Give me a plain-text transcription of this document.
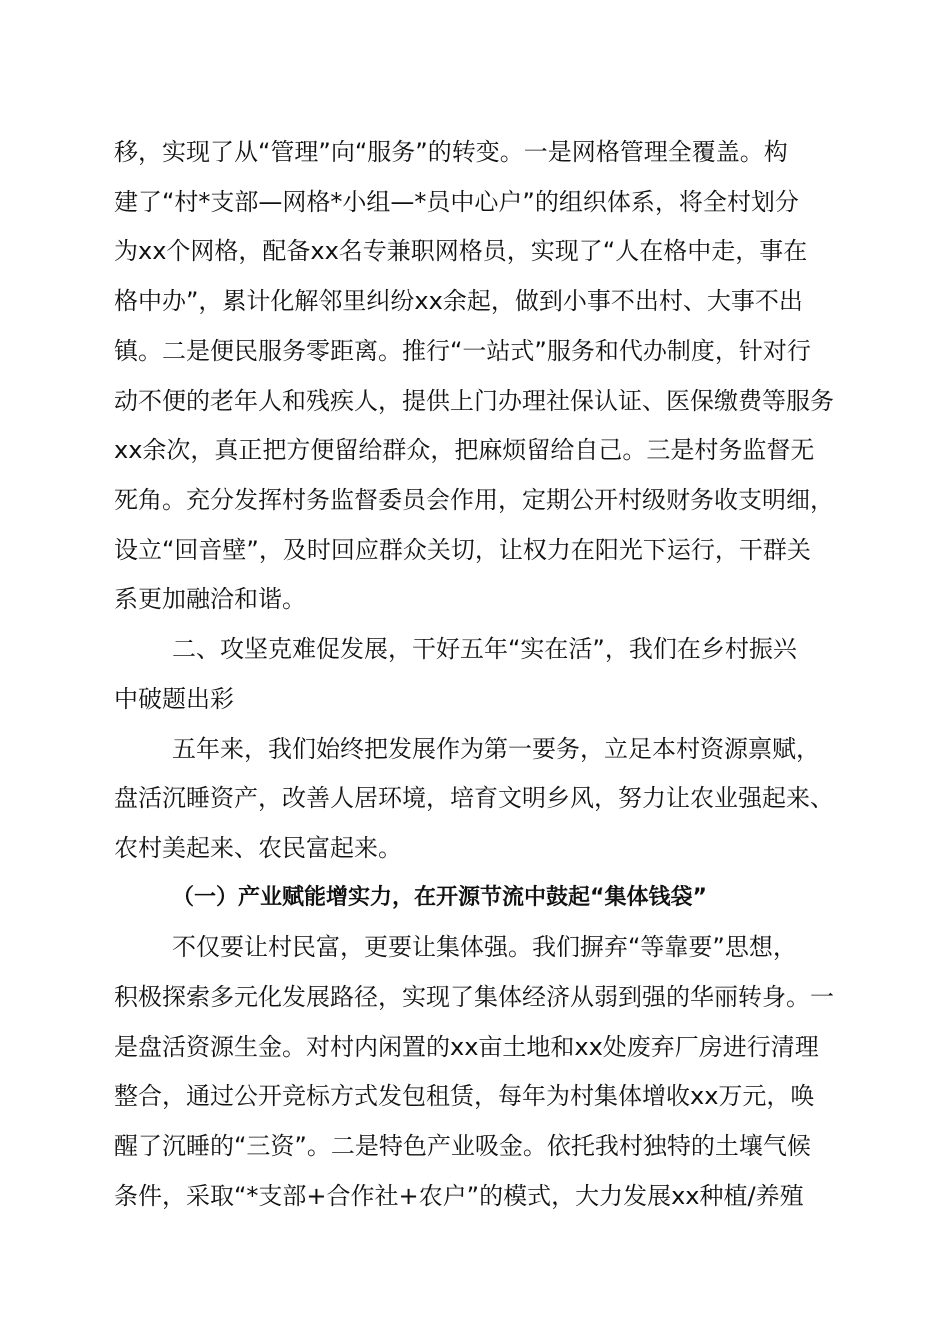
移，实现了从“管理”向“服务”的转变。一是网格管理全覆盖。构
建了“村*支部—网格*小组—*员中心户”的组织体系，将全村划分
为xx个网格，配备xx名专兼职网格员，实现了“人在格中走，事在
格中办”，累计化解邻里纠纷xx余起，做到小事不出村、大事不出
镇。二是便民服务零距离。推行“一站式”服务和代办制度，针对行
动不便的老年人和残疾人，提供上门办理社保认证、医保缴费等服务
xx余次，真正把方便留给群众，把麻烦留给自己。三是村务监督无
死角。充分发挥村务监督委员会作用，定期公开村级财务收支明细，
设立“回音壁”，及时回应群众关切，让权力在阳光下运行，干群关
系更加融洽和谐。
二、攻坚克难促发展，干好五年“实在活”，我们在乡村振兴
中破题出彩
五年来，我们始终把发展作为第一要务，立足本村资源禀赋，
盘活沉睡资产，改善人居环境，培育文明乡风，努力让农业强起来、
农村美起来、农民富起来。
（一）产业赋能增实力，在开源节流中鼓起“集体钱袋”
不仅要让村民富，更要让集体强。我们摒弃“等靠要”思想，
积极探索多元化发展路径，实现了集体经济从弱到强的华丽转身。一
是盘活资源生金。对村内闲置的xx亩土地和xx处废弃厂房进行清理
整合，通过公开竞标方式发包租赁，每年为村集体增收xx万元，唤
醒了沉睡的“三资”。二是特色产业吸金。依托我村独特的土壤气候
条件，采取“*支部+合作社+农户”的模式，大力发展xx种植/养殖
